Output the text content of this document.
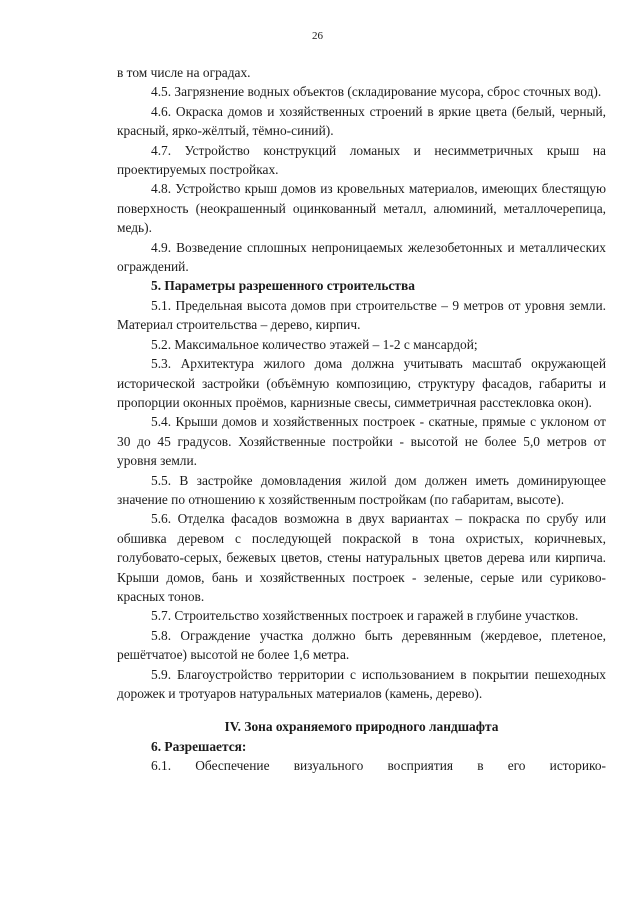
26

в том числе на оградах.

4.5. Загрязнение водных объектов (складирование мусора, сброс сточных вод).

4.6. Окраска домов и хозяйственных строений в яркие цвета (белый, черный, красный, ярко-жёлтый, тёмно-синий).

4.7. Устройство конструкций ломаных и несимметричных крыш на проектируемых постройках.

4.8. Устройство крыш домов из кровельных материалов, имеющих блестящую поверхность (неокрашенный оцинкованный металл, алюминий, металлочерепица, медь).

4.9. Возведение сплошных непроницаемых железобетонных и металлических ограждений.

5. Параметры разрешенного строительства

5.1. Предельная высота домов при строительстве – 9 метров от уровня земли. Материал строительства – дерево, кирпич.

5.2. Максимальное количество этажей – 1-2 с мансардой;

5.3. Архитектура жилого дома должна учитывать масштаб окружающей исторической застройки (объёмную композицию, структуру фасадов, габариты и пропорции оконных проёмов, карнизные свесы, симметричная расстекловка окон).

5.4. Крыши домов и хозяйственных построек - скатные, прямые с уклоном от 30 до 45 градусов. Хозяйственные постройки - высотой не более 5,0 метров от уровня земли.

5.5. В застройке домовладения жилой дом должен иметь доминирующее значение по отношению к хозяйственным постройкам (по габаритам, высоте).

5.6. Отделка фасадов возможна в двух вариантах – покраска по срубу или обшивка деревом с последующей покраской в тона охристых, коричневых, голубовато-серых, бежевых цветов, стены натуральных цветов дерева или кирпича. Крыши домов, бань и хозяйственных построек - зеленые, серые или суриково-красных тонов.

5.7. Строительство хозяйственных построек и гаражей в глубине участков.

5.8. Ограждение участка должно быть деревянным (жердевое, плетеное, решётчатое) высотой не более 1,6 метра.

5.9. Благоустройство территории с использованием в покрытии пешеходных дорожек и тротуаров натуральных материалов (камень, дерево).

IV. Зона охраняемого природного ландшафта

6. Разрешается:

6.1. Обеспечение визуального восприятия в его историко-
